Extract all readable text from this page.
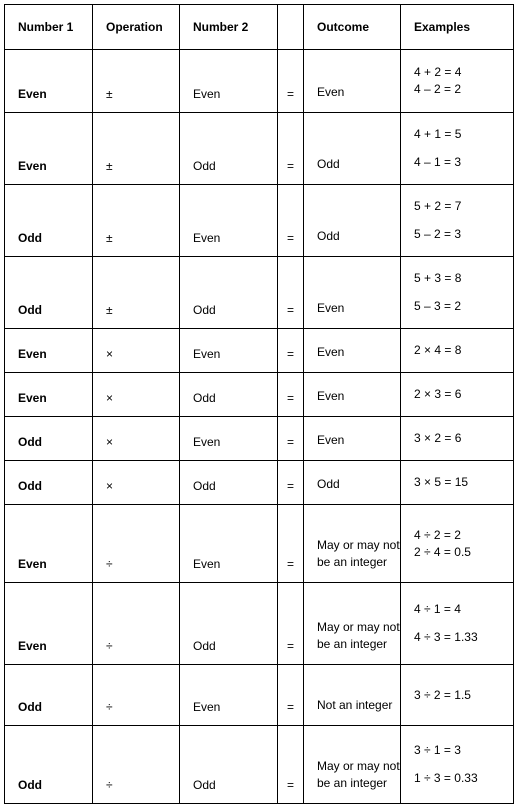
Number 1	Operation	Number 2		Outcome	Examples
Even	±	Even	=	Even	4 + 2 = 4
4 – 2 = 2

Even	±	Odd	=	Odd	4 + 1 = 5
4 – 1 = 3

Odd	±	Even	=	Odd	5 + 2 = 7
5 – 2 = 3

Odd	±	Odd	=	Even	5 + 3 = 8
5 – 3 = 2

Even	×	Even	=	Even	2 × 4 = 8

Even	×	Odd	=	Even	2 × 3 = 6

Odd	×	Even	=	Even	3 × 2 = 6

Odd	×	Odd	=	Odd	3 × 5 = 15

Even	÷	Even	=	May or may not be an integer	4 ÷ 2 = 2
2 ÷ 4 = 0.5

Even	÷	Odd	=	May or may not be an integer	4 ÷ 1 = 4
4 ÷ 3 = 1.33

Odd	÷	Even	=	Not an integer	3 ÷ 2 = 1.5

Odd	÷	Odd	=	May or may not be an integer	3 ÷ 1 = 3
1 ÷ 3 = 0.33
